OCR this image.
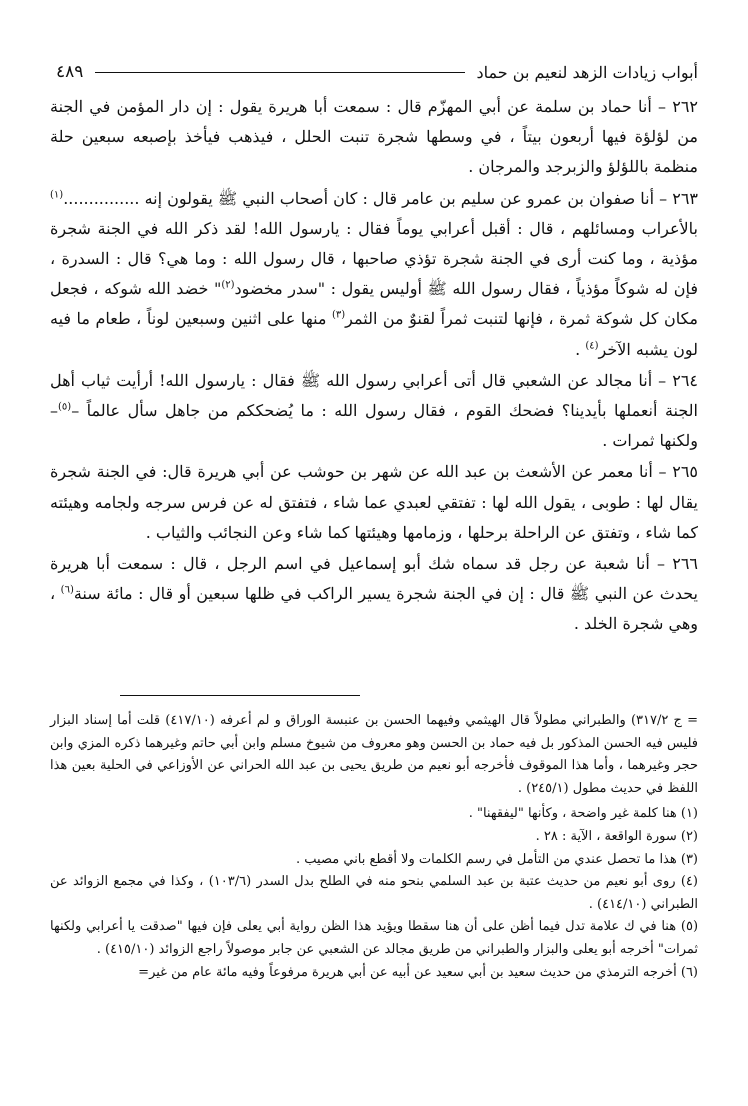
أبواب زيادات الزهد لنعيم بن حماد
٤٨٩

٢٦٢ – أنا حماد بن سلمة عن أبي المهزّم قال : سمعت أبا هريرة يقول : إن دار المؤمن في الجنة من لؤلؤة فيها أربعون بيتاً ، في وسطها شجرة تنبت الحلل ، فيذهب فيأخذ بإصبعه سبعين حلة منظمة باللؤلؤ والزبرجد والمرجان .

٢٦٣ – أنا صفوان بن عمرو عن سليم بن عامر قال : كان أصحاب النبي ﷺ يقولون إنه ...............$^{(١)}$ بالأعراب ومسائلهم ، قال : أقبل أعرابي يوماً فقال : يارسول الله! لقد ذكر الله في الجنة شجرة مؤذية ، وما كنت أرى في الجنة شجرة تؤذي صاحبها ، قال رسول الله : وما هي؟ قال : السدرة ، فإن له شوكاً مؤذياً ، فقال رسول الله ﷺ أوليس يقول : "سدر مخضود$^{(٢)}$" خضد الله شوكه ، فجعل مكان كل شوكة ثمرة ، فإنها لتنبت ثمراً لقنوٌ من الثمر$^{(٣)}$ منها على اثنين وسبعين لوناً ، طعام ما فيه لون يشبه الآخر$^{(٤)}$ .

٢٦٤ – أنا مجالد عن الشعبي قال أتى أعرابي رسول الله ﷺ فقال : يارسول الله! أرأيت ثياب أهل الجنة أنعملها بأيدينا؟ فضحك القوم ، فقال رسول الله : ما يُضحككم من جاهل سأل عالماً –$^{(٥)}$– ولكنها ثمرات .

٢٦٥ – أنا معمر عن الأشعث بن عبد الله عن شهر بن حوشب عن أبي هريرة قال: في الجنة شجرة يقال لها : طوبى ، يقول الله لها : تفتقي لعبدي عما شاء ، فتفتق له عن فرس سرجه ولجامه وهيئته كما شاء ، وتفتق عن الراحلة برحلها ، وزمامها وهيئتها كما شاء وعن النجائب والثياب .

٢٦٦ – أنا شعبة عن رجل قد سماه شك أبو إسماعيل في اسم الرجل ، قال : سمعت أبا هريرة يحدث عن النبي ﷺ قال : إن في الجنة شجرة يسير الراكب في ظلها سبعين أو قال : مائة سنة$^{(٦)}$ ، وهي شجرة الخلد .

= ج ٣١٧/٢) والطبراني مطولاً قال الهيثمي وفيهما الحسن بن عنبسة الوراق و لم أعرفه (٤١٧/١٠) قلت أما إسناد البزار فليس فيه الحسن المذكور بل فيه حماد بن الحسن وهو معروف من شيوخ مسلم وابن أبي حاتم وغيرهما ذكره المزي وابن حجر وغيرهما ، وأما هذا الموقوف فأخرجه أبو نعيم من طريق يحيى بن عبد الله الحراني عن الأوزاعي في الحلية بعين هذا اللفظ في حديث مطول (٢٤٥/١) .

(١) هنا كلمة غير واضحة ، وكأنها "ليفقهنا" .

(٢) سورة الواقعة ، الآية : ٢٨ .

(٣) هذا ما تحصل عندي من التأمل في رسم الكلمات ولا أقطع باني مصيب .

(٤) روى أبو نعيم من حديث عتبة بن عبد السلمي بنحو منه في الطلح بدل السدر (١٠٣/٦) ، وكذا في مجمع الزوائد عن الطبراني (٤١٤/١٠) .

(٥) هنا في ك علامة تدل فيما أظن على أن هنا سقطا ويؤيد هذا الظن رواية أبي يعلى فإن فيها "صدقت يا أعرابي ولكنها ثمرات" أخرجه أبو يعلى والبزار والطبراني من طريق مجالد عن الشعبي عن جابر موصولاً راجع الزوائد (٤١٥/١٠) .

(٦) أخرجه الترمذي من حديث سعيد بن أبي سعيد عن أبيه عن أبي هريرة مرفوعاً وفيه مائة عام من غير=
